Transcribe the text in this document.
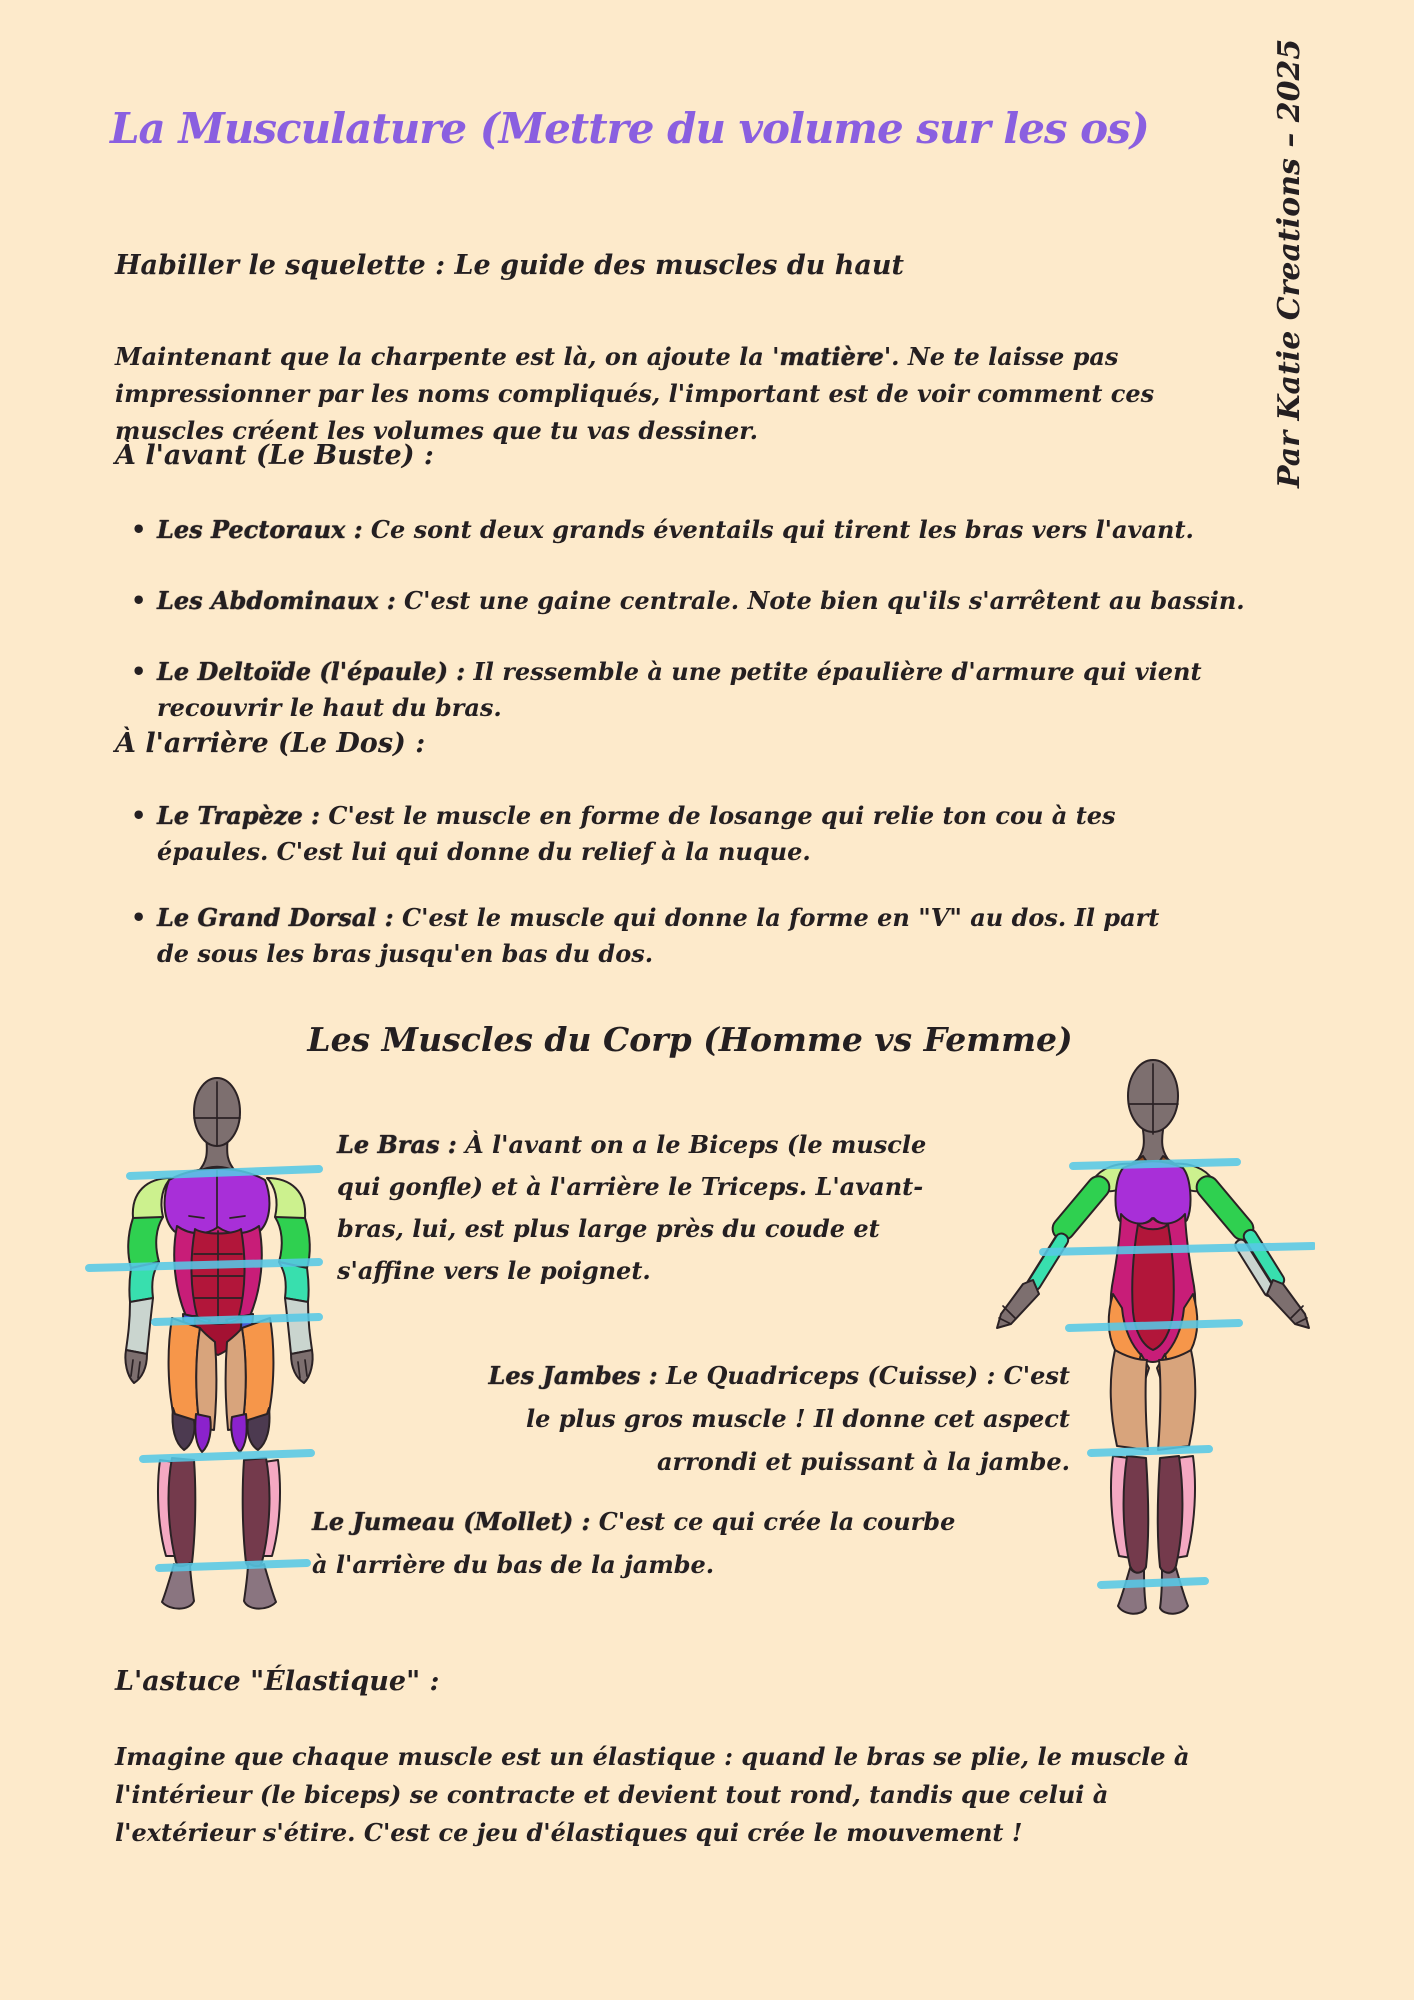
La Musculature (Mettre du volume sur les os)	Par Katie Creations – 2025
Habiller le squelette : Le guide des muscles du haut
Maintenant que la charpente est là, on ajoute la 'matière'. Ne te laisse pas impressionner par les noms compliqués, l'important est de voir comment ces muscles créent les volumes que tu vas dessiner.
À l'avant (Le Buste) :
• Les Pectoraux : Ce sont deux grands éventails qui tirent les bras vers l'avant.
• Les Abdominaux : C'est une gaine centrale. Note bien qu'ils s'arrêtent au bassin.
• Le Deltoïde (l'épaule) : Il ressemble à une petite épaulière d'armure qui vient recouvrir le haut du bras.
À l'arrière (Le Dos) :
• Le Trapèze : C'est le muscle en forme de losange qui relie ton cou à tes épaules. C'est lui qui donne du relief à la nuque.
• Le Grand Dorsal : C'est le muscle qui donne la forme en "V" au dos. Il part de sous les bras jusqu'en bas du dos.
Les Muscles du Corp (Homme vs Femme)
Le Bras : À l'avant on a le Biceps (le muscle qui gonfle) et à l'arrière le Triceps. L'avant-bras, lui, est plus large près du coude et s'affine vers le poignet.
Les Jambes : Le Quadriceps (Cuisse) : C'est le plus gros muscle ! Il donne cet aspect arrondi et puissant à la jambe.
Le Jumeau (Mollet) : C'est ce qui crée la courbe à l'arrière du bas de la jambe.
L'astuce "Élastique" :
Imagine que chaque muscle est un élastique : quand le bras se plie, le muscle à l'intérieur (le biceps) se contracte et devient tout rond, tandis que celui à l'extérieur s'étire. C'est ce jeu d'élastiques qui crée le mouvement !
